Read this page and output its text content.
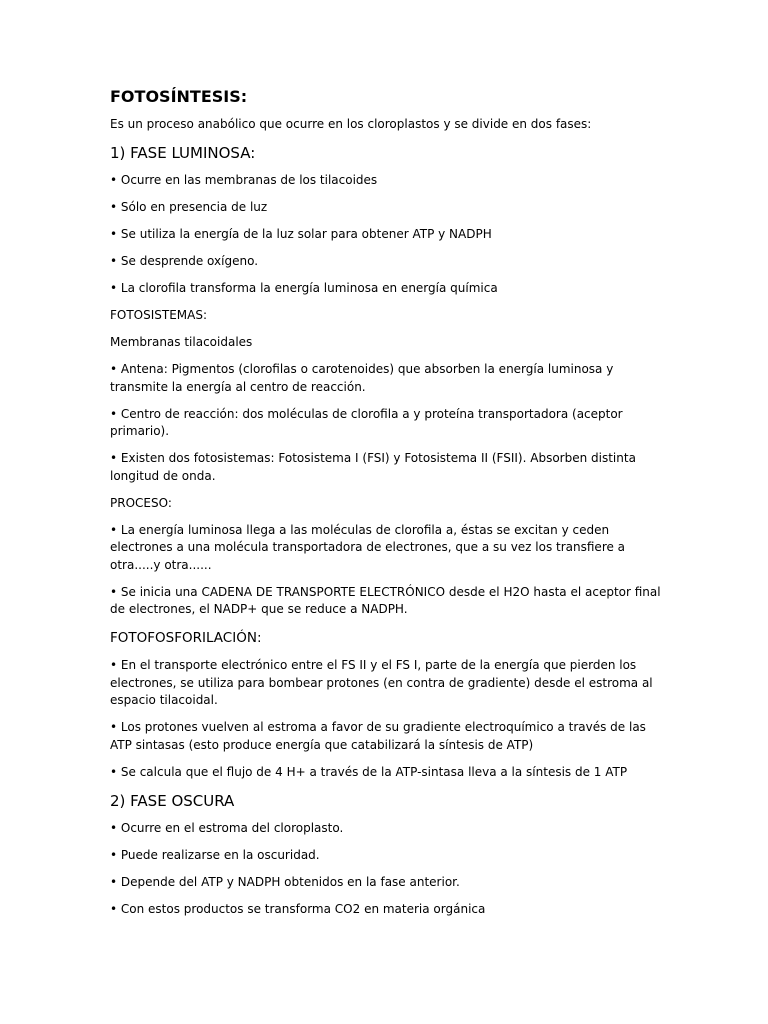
FOTOSÍNTESIS:
Es un proceso anabólico que ocurre en los cloroplastos y se divide en dos fases:
1) FASE LUMINOSA:
• Ocurre en las membranas de los tilacoides
• Sólo en presencia de luz
• Se utiliza la energía de la luz solar para obtener ATP y NADPH
• Se desprende oxígeno.
• La clorofila transforma la energía luminosa en energía química
FOTOSISTEMAS:
Membranas tilacoidales
• Antena: Pigmentos (clorofilas o carotenoides) que absorben la energía luminosa y transmite la energía al centro de reacción.
• Centro de reacción: dos moléculas de clorofila a y proteína transportadora (aceptor primario).
• Existen dos fotosistemas: Fotosistema I (FSI) y Fotosistema II (FSII). Absorben distinta longitud de onda.
PROCESO:
• La energía luminosa llega a las moléculas de clorofila a, éstas se excitan y ceden electrones a una molécula transportadora de electrones, que a su vez los transfiere a otra.....y otra......
• Se inicia una CADENA DE TRANSPORTE ELECTRÓNICO desde el H2O hasta el aceptor final de electrones, el NADP+ que se reduce a NADPH.
FOTOFOSFORILACIÓN:
• En el transporte electrónico entre el FS II y el FS I, parte de la energía que pierden los electrones, se utiliza para bombear protones (en contra de gradiente) desde el estroma al espacio tilacoidal.
• Los protones vuelven al estroma a favor de su gradiente electroquímico a través de las ATP sintasas (esto produce energía que catabilizará la síntesis de ATP)
• Se calcula que el flujo de 4 H+ a través de la ATP-sintasa lleva a la síntesis de 1 ATP
2) FASE OSCURA
• Ocurre en el estroma del cloroplasto.
• Puede realizarse en la oscuridad.
• Depende del ATP y NADPH obtenidos en la fase anterior.
• Con estos productos se transforma CO2 en materia orgánica
